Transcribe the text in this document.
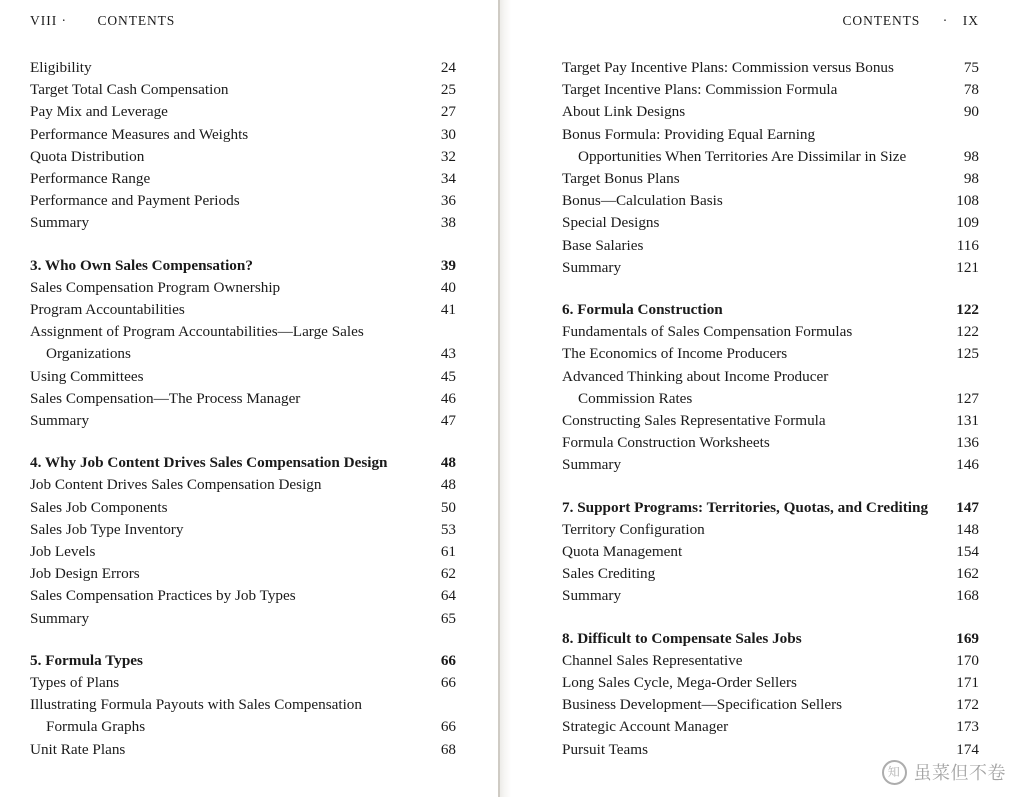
VIII · CONTENTS
Eligibility	24
Target Total Cash Compensation	25
Pay Mix and Leverage	27
Performance Measures and Weights	30
Quota Distribution	32
Performance Range	34
Performance and Payment Periods	36
Summary	38
3. Who Own Sales Compensation?	39
Sales Compensation Program Ownership	40
Program Accountabilities	41
Assignment of Program Accountabilities—Large Sales
Organizations	43
Using Committees	45
Sales Compensation—The Process Manager	46
Summary	47
4. Why Job Content Drives Sales Compensation Design	48
Job Content Drives Sales Compensation Design	48
Sales Job Components	50
Sales Job Type Inventory	53
Job Levels	61
Job Design Errors	62
Sales Compensation Practices by Job Types	64
Summary	65
5. Formula Types	66
Types of Plans	66
Illustrating Formula Payouts with Sales Compensation
Formula Graphs	66
Unit Rate Plans	68
CONTENTS · IX
Target Pay Incentive Plans: Commission versus Bonus	75
Target Incentive Plans: Commission Formula	78
About Link Designs	90
Bonus Formula: Providing Equal Earning
Opportunities When Territories Are Dissimilar in Size	98
Target Bonus Plans	98
Bonus—Calculation Basis	108
Special Designs	109
Base Salaries	116
Summary	121
6. Formula Construction	122
Fundamentals of Sales Compensation Formulas	122
The Economics of Income Producers	125
Advanced Thinking about Income Producer
Commission Rates	127
Constructing Sales Representative Formula	131
Formula Construction Worksheets	136
Summary	146
7. Support Programs: Territories, Quotas, and Crediting	147
Territory Configuration	148
Quota Management	154
Sales Crediting	162
Summary	168
8. Difficult to Compensate Sales Jobs	169
Channel Sales Representative	170
Long Sales Cycle, Mega-Order Sellers	171
Business Development—Specification Sellers	172
Strategic Account Manager	173
Pursuit Teams	174
知
虽菜但不卷
